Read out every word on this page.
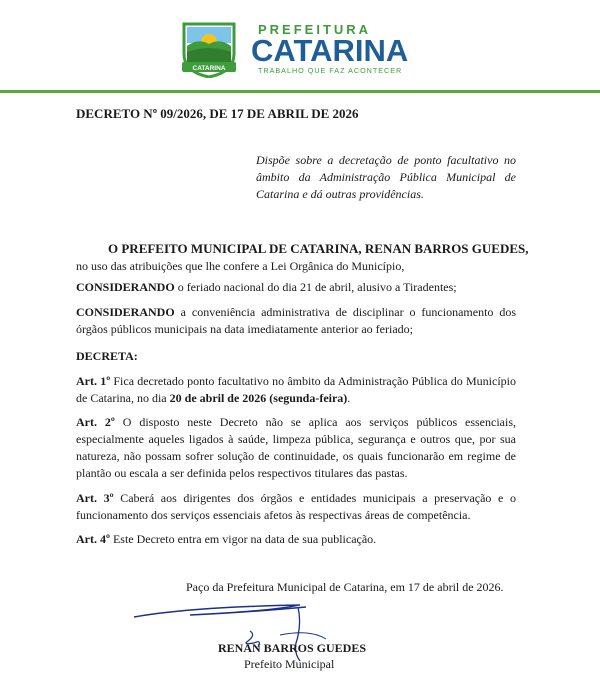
CATARINA
PREFEITURA
CATARINA
TRABALHO QUE FAZ ACONTECER
DECRETO Nº 09/2026, DE 17 DE ABRIL DE 2026
Dispõe sobre a decretação de ponto facultativo no âmbito da Administração Pública Municipal de Catarina e dá outras providências.
O PREFEITO MUNICIPAL DE CATARINA, RENAN BARROS GUEDES,
no uso das atribuições que lhe confere a Lei Orgânica do Município,
CONSIDERANDO o feriado nacional do dia 21 de abril, alusivo a Tiradentes;
CONSIDERANDO a conveniência administrativa de disciplinar o funcionamento dos órgãos públicos municipais na data imediatamente anterior ao feriado;
DECRETA:
Art. 1º Fica decretado ponto facultativo no âmbito da Administração Pública do Município de Catarina, no dia 20 de abril de 2026 (segunda-feira).
Art. 2º O disposto neste Decreto não se aplica aos serviços públicos essenciais, especialmente aqueles ligados à saúde, limpeza pública, segurança e outros que, por sua natureza, não possam sofrer solução de continuidade, os quais funcionarão em regime de plantão ou escala a ser definida pelos respectivos titulares das pastas.
Art. 3º Caberá aos dirigentes dos órgãos e entidades municipais a preservação e o funcionamento dos serviços essenciais afetos às respectivas áreas de competência.
Art. 4º Este Decreto entra em vigor na data de sua publicação.
Paço da Prefeitura Municipal de Catarina, em 17 de abril de 2026.
RENAN BARROS GUEDES
Prefeito Municipal
